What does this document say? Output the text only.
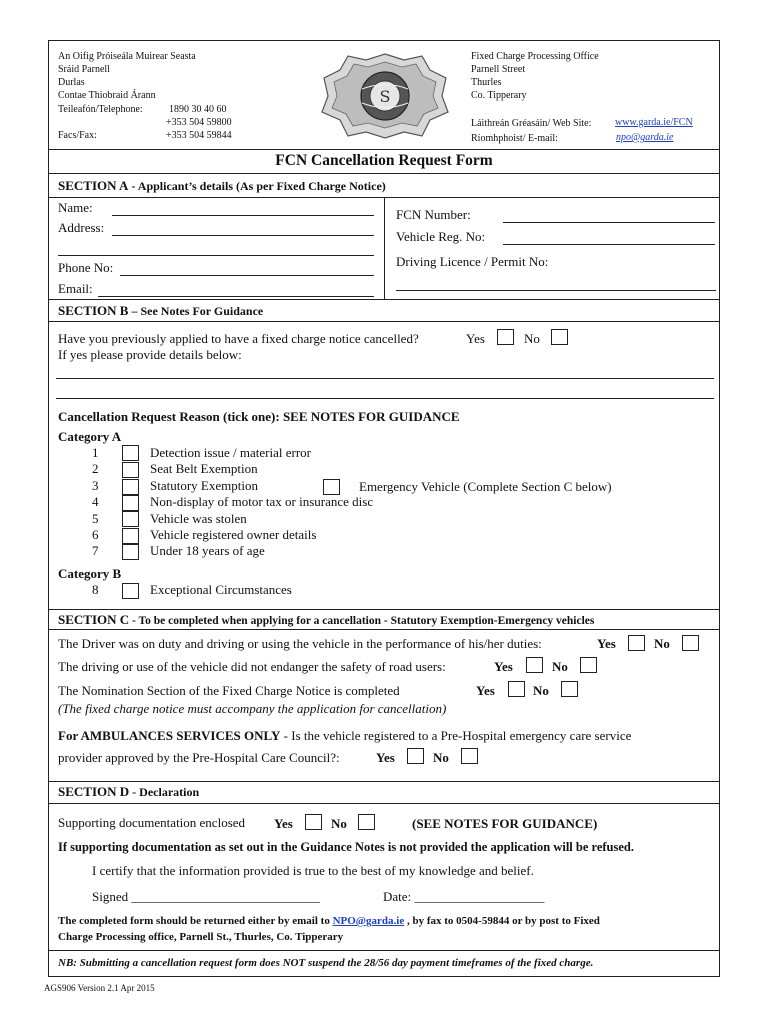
An Oifig Próiseála Muirear Seasta
Sráid Parnell
Durlas
Contae Thiobraid Árann
Teileafón/Telephone:	1890 30 40 60
+353 504 59800
Facs/Fax:	+353 504 59844
S
Fixed Charge Processing Office
Parnell Street
Thurles
Co. Tipperary
Láithreán Gréasáin/ Web Site: www.garda.ie/FCN
Ríomhphoist/ E-mail:	npo@garda.ie
FCN Cancellation Request Form
SECTION A - Applicant’s details (As per Fixed Charge Notice)
Name:
Address:
Phone No:
Email:
FCN Number:
Vehicle Reg. No:
Driving Licence / Permit No:
SECTION B – See Notes For Guidance
Have you previously applied to have a fixed charge notice cancelled?	Yes	No
If yes please provide details below:
Cancellation Request Reason (tick one): SEE NOTES FOR GUIDANCE
Category A
1	Detection issue / material error
2	Seat Belt Exemption
3	Statutory Exemption	Emergency Vehicle (Complete Section C below)
4	Non-display of motor tax or insurance disc
5	Vehicle was stolen
6	Vehicle registered owner details
7	Under 18 years of age
Category B
8	Exceptional Circumstances
SECTION C - To be completed when applying for a cancellation - Statutory Exemption-Emergency vehicles
The Driver was on duty and driving or using the vehicle in the performance of his/her duties:	Yes	No
The driving or use of the vehicle did not endanger the safety of road users:	Yes	No
The Nomination Section of the Fixed Charge Notice is completed	Yes	No
(The fixed charge notice must accompany the application for cancellation)
For AMBULANCES SERVICES ONLY - Is the vehicle registered to a Pre-Hospital emergency care service
provider approved by the Pre-Hospital Care Council?:	Yes	No
SECTION D - Declaration
Supporting documentation enclosed Yes	No	(SEE NOTES FOR GUIDANCE)
If supporting documentation as set out in the Guidance Notes is not provided the application will be refused.
I certify that the information provided is true to the best of my knowledge and belief.
Signed _____________________________	Date: ____________________
The completed form should be returned either by email to NPO@garda.ie , by fax to 0504-59844 or by post to Fixed
Charge Processing office, Parnell St., Thurles, Co. Tipperary
NB: Submitting a cancellation request form does NOT suspend the 28/56 day payment timeframes of the fixed charge.
AGS906 Version 2.1 Apr 2015
